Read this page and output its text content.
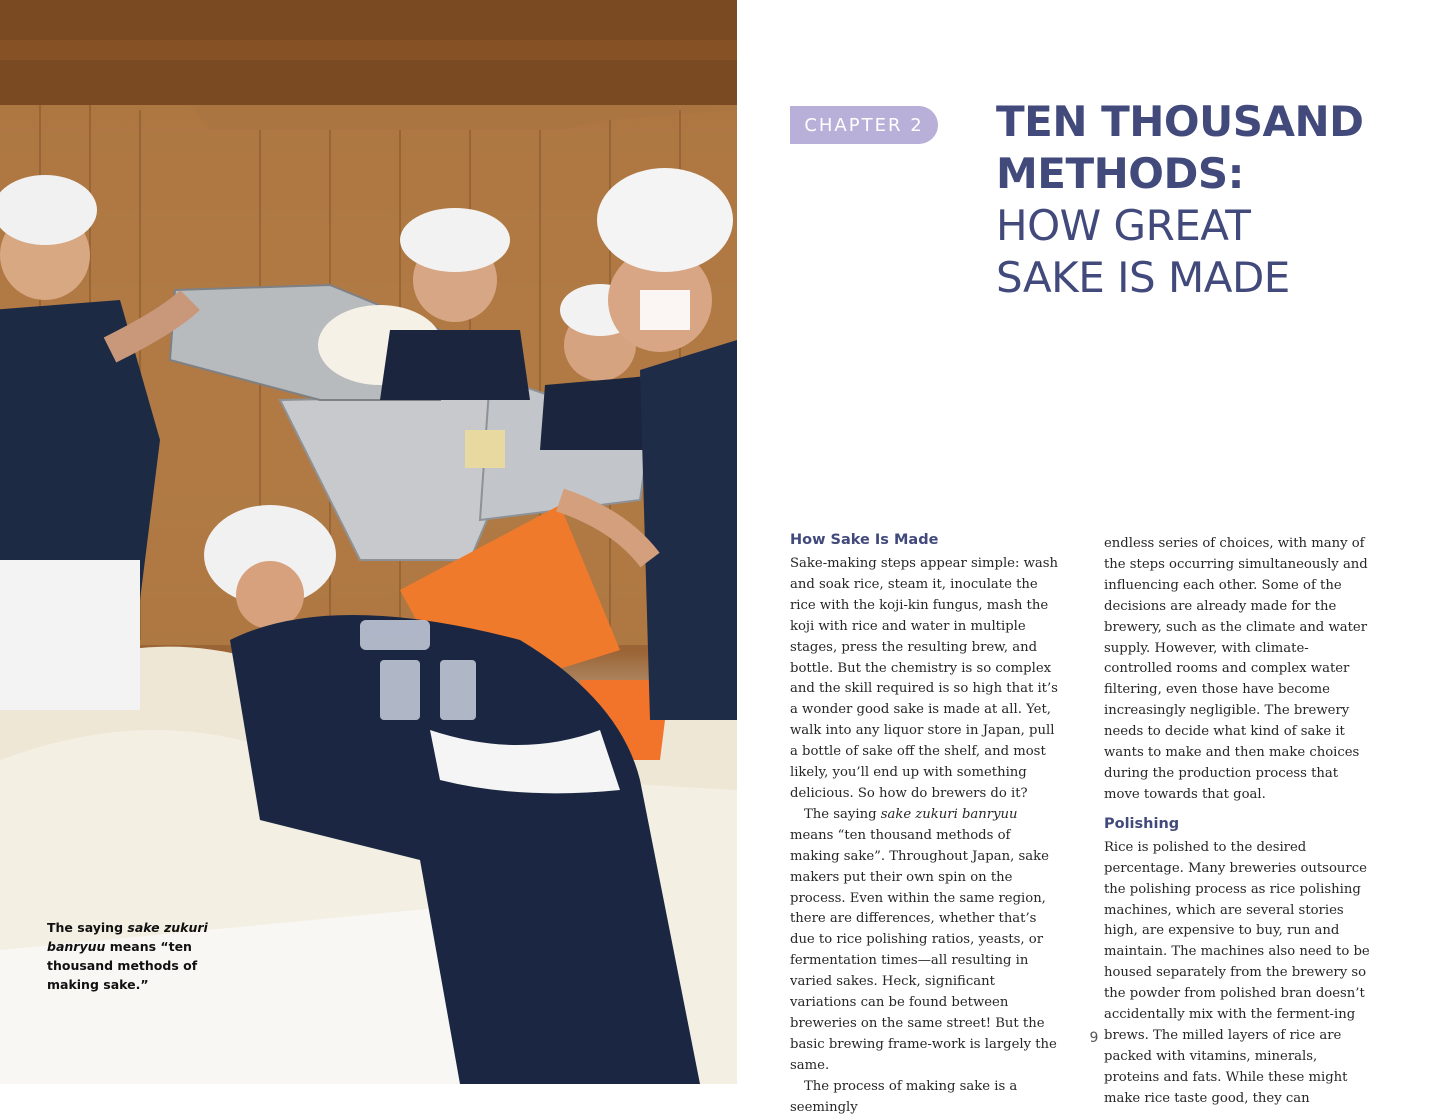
The saying sake zukuri banryuu means “ten thousand methods of making sake.”
CHAPTER 2 TEN THOUSAND
METHODS:
HOW GREAT
SAKE IS MADE
How Sake Is Made

Sake-making steps appear simple: wash and soak rice, steam it, inoculate the rice with the koji-kin fungus, mash the koji with rice and water in multiple stages, press the resulting brew, and bottle. But the chemistry is so complex and the skill required is so high that it’s a wonder good sake is made at all. Yet, walk into any liquor store in Japan, pull a bottle of sake off the shelf, and most likely, you’ll end up with something delicious. So how do brewers do it?

The saying sake zukuri banryuu means “ten thousand methods of making sake”. Throughout Japan, sake makers put their own spin on the process. Even within the same region, there are differences, whether that’s due to rice polishing ratios, yeasts, or fermentation times—all resulting in varied sakes. Heck, significant variations can be found between breweries on the same street! But the basic brewing frame-work is largely the same.

The process of making sake is a seemingly

endless series of choices, with many of the steps occurring simultaneously and influencing each other. Some of the decisions are already made for the brewery, such as the climate and water supply. However, with climate-controlled rooms and complex water filtering, even those have become increasingly negligible. The brewery needs to decide what kind of sake it wants to make and then make choices during the production process that move towards that goal.

Polishing

Rice is polished to the desired percentage. Many breweries outsource the polishing process as rice polishing machines, which are several stories high, are expensive to buy, run and maintain. The machines also need to be housed separately from the brewery so the powder from polished bran doesn’t accidentally mix with the ferment-ing brews. The milled layers of rice are packed with vitamins, minerals, proteins and fats. While these might make rice taste good, they can

9
